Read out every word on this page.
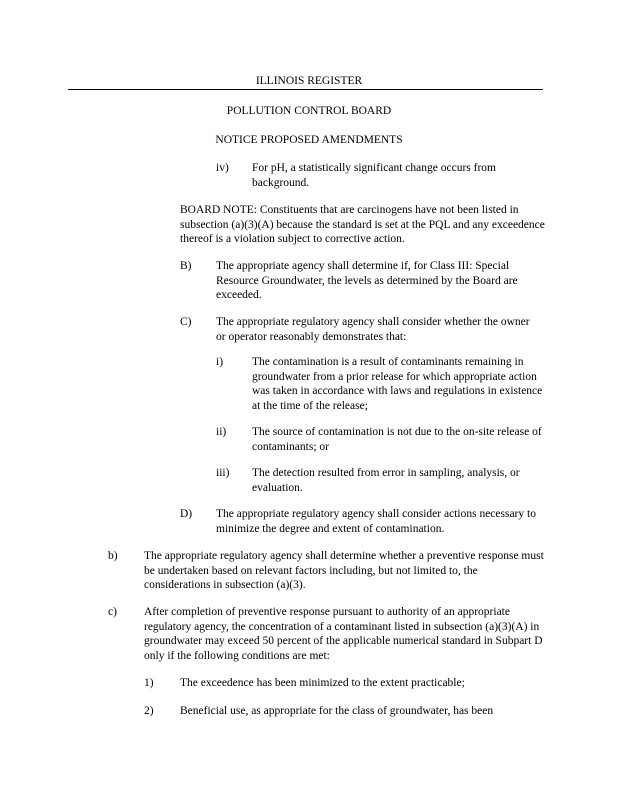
ILLINOIS REGISTER
POLLUTION CONTROL BOARD
NOTICE PROPOSED AMENDMENTS
iv) For pH, a statistically significant change occurs from background.
BOARD NOTE: Constituents that are carcinogens have not been listed in subsection (a)(3)(A) because the standard is set at the PQL and any exceedence thereof is a violation subject to corrective action.
B) The appropriate agency shall determine if, for Class III: Special Resource Groundwater, the levels as determined by the Board are exceeded.
C) The appropriate regulatory agency shall consider whether the owner or operator reasonably demonstrates that:
i)	The contamination is a result of contaminants remaining in groundwater from a prior release for which appropriate action was taken in accordance with laws and regulations in existence at the time of the release;
ii) The source of contamination is not due to the on-site release of contaminants; or
iii) The detection resulted from error in sampling, analysis, or evaluation.
D) The appropriate regulatory agency shall consider actions necessary to minimize the degree and extent of contamination.
b) The appropriate regulatory agency shall determine whether a preventive response must be undertaken based on relevant factors including, but not limited to, the considerations in subsection (a)(3).
c) After completion of preventive response pursuant to authority of an appropriate regulatory agency, the concentration of a contaminant listed in subsection (a)(3)(A) in groundwater may exceed 50 percent of the applicable numerical standard in Subpart D only if the following conditions are met:
1) The exceedence has been minimized to the extent practicable;
2) Beneficial use, as appropriate for the class of groundwater, has been
